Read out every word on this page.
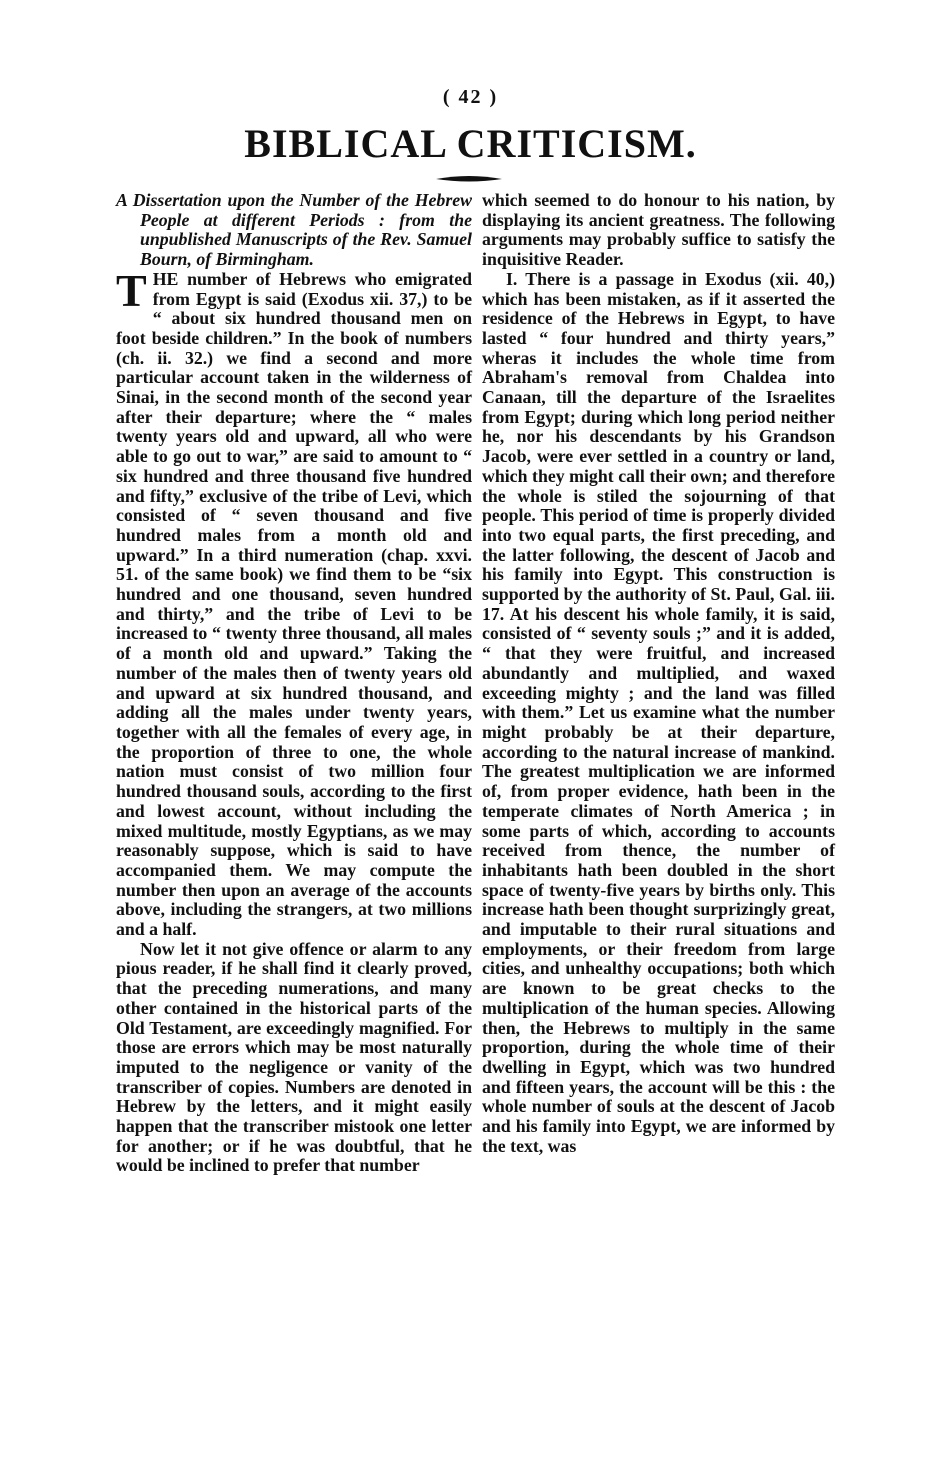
( 42 )
BIBLICAL CRITICISM.

A Dissertation upon the Number of the Hebrew People at different Periods : from the unpublished Manuscripts of the Rev. Samuel Bourn, of Birmingham.

THE number of Hebrews who emigrated from Egypt is said (Exodus xii. 37,) to be “ about six hundred thousand men on foot beside children.” In the book of numbers (ch. ii. 32.) we find a second and more particular account taken in the wilderness of Sinai, in the second month of the second year after their departure; where the “ males twenty years old and upward, all who were able to go out to war,” are said to amount to “ six hundred and three thousand five hundred and fifty,” exclusive of the tribe of Levi, which consisted of “ seven thousand and five hundred males from a month old and upward.” In a third numeration (chap. xxvi. 51. of the same book) we find them to be “six hundred and one thousand, seven hundred and thirty,” and the tribe of Levi to be increased to “ twenty three thousand, all males of a month old and upward.” Taking the number of the males then of twenty years old and upward at six hundred thousand, and adding all the males under twenty years, together with all the females of every age, in the proportion of three to one, the whole nation must consist of two million four hundred thousand souls, according to the first and lowest account, without including the mixed multitude, mostly Egyptians, as we may reasonably suppose, which is said to have accompanied them. We may compute the number then upon an average of the accounts above, including the strangers, at two millions and a half.

Now let it not give offence or alarm to any pious reader, if he shall find it clearly proved, that the preceding numerations, and many other contained in the historical parts of the Old Testament, are exceedingly magnified. For those are errors which may be most naturally imputed to the negligence or vanity of the transcriber of copies. Numbers are denoted in Hebrew by the letters, and it might easily happen that the transcriber mistook one letter for another; or if he was doubtful, that he would be inclined to prefer that number

which seemed to do honour to his nation, by displaying its ancient greatness. The following arguments may probably suffice to satisfy the inquisitive Reader.

I. There is a passage in Exodus (xii. 40,) which has been mistaken, as if it asserted the residence of the Hebrews in Egypt, to have lasted “ four hundred and thirty years,” wheras it includes the whole time from Abraham's removal from Chaldea into Canaan, till the departure of the Israelites from Egypt; during which long period neither he, nor his descendants by his Grandson Jacob, were ever settled in a country or land, which they might call their own; and therefore the whole is stiled the sojourning of that people. This period of time is properly divided into two equal parts, the first preceding, and the latter following, the descent of Jacob and his family into Egypt. This construction is supported by the authority of St. Paul, Gal. iii. 17. At his descent his whole family, it is said, consisted of “ seventy souls ;” and it is added, “ that they were fruitful, and increased abundantly and multiplied, and waxed exceeding mighty ; and the land was filled with them.” Let us examine what the number might probably be at their departure, according to the natural increase of mankind. The greatest multiplication we are informed of, from proper evidence, hath been in the temperate climates of North America ; in some parts of which, according to accounts received from thence, the number of inhabitants hath been doubled in the short space of twenty-five years by births only. This increase hath been thought surprizingly great, and imputable to their rural situations and employments, or their freedom from large cities, and unhealthy occupations; both which are known to be great checks to the multiplication of the human species. Allowing then, the Hebrews to multiply in the same proportion, during the whole time of their dwelling in Egypt, which was two hundred and fifteen years, the account will be this : the whole number of souls at the descent of Jacob and his family into Egypt, we are informed by the text, was
